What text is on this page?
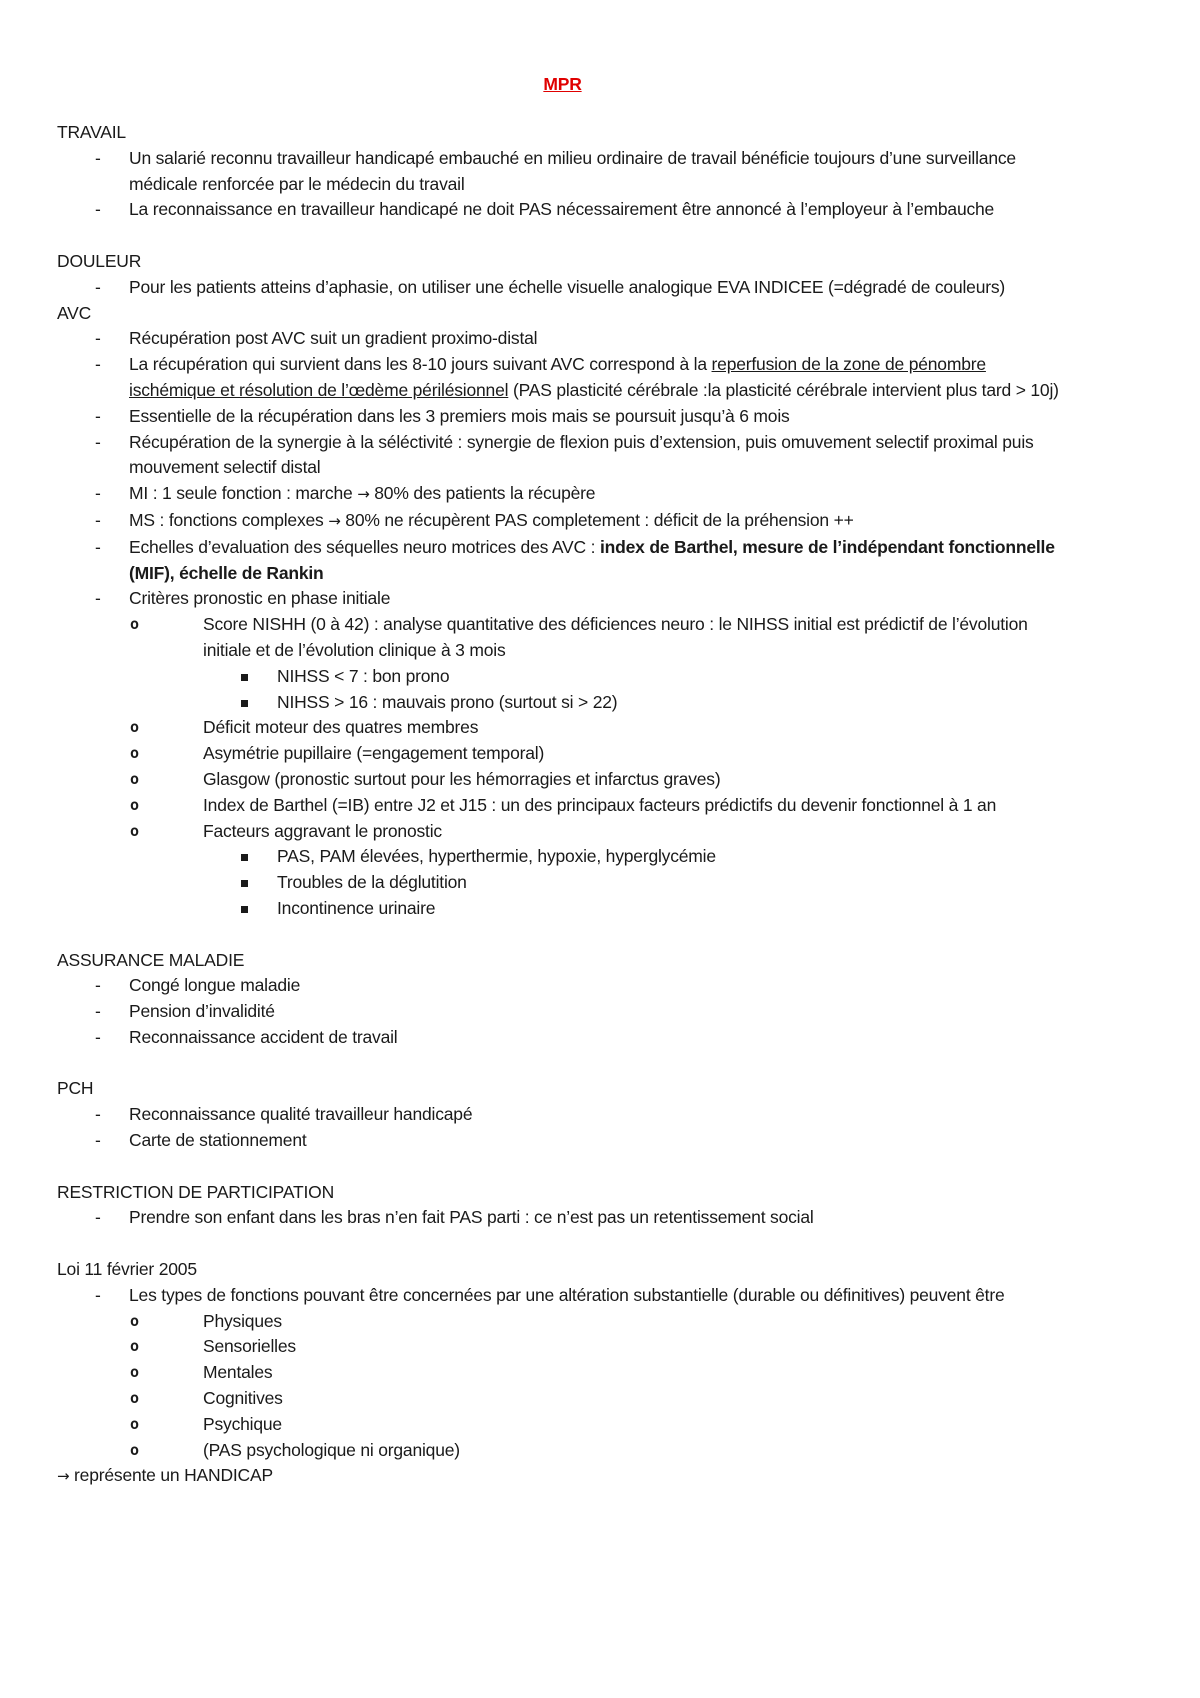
MPR
TRAVAIL
- Un salarié reconnu travailleur handicapé embauché en milieu ordinaire de travail bénéficie toujours d’une surveillance médicale renforcée par le médecin du travail
- La reconnaissance en travailleur handicapé ne doit PAS nécessairement être annoncé à l’employeur à l’embauche
DOULEUR
- Pour les patients atteins d’aphasie, on utiliser une échelle visuelle analogique EVA INDICEE (=dégradé de couleurs)
AVC
- Récupération post AVC suit un gradient proximo-distal
- La récupération qui survient dans les 8-10 jours suivant AVC correspond à la reperfusion de la zone de pénombre ischémique et résolution de l’œdème périlésionnel (PAS plasticité cérébrale :la plasticité cérébrale intervient plus tard > 10j)
- Essentielle de la récupération dans les 3 premiers mois mais se poursuit jusqu’à 6 mois
- Récupération de la synergie à la séléctivité : synergie de flexion puis d’extension, puis omuvement selectif proximal puis mouvement selectif distal
- MI : 1 seule fonction : marche → 80% des patients la récupère
- MS : fonctions complexes → 80% ne récupèrent PAS completement : déficit de la préhension ++
- Echelles d’evaluation des séquelles neuro motrices des AVC : index de Barthel, mesure de l’indépendant fonctionnelle (MIF), échelle de Rankin
- Critères pronostic en phase initiale
o	Score NISHH (0 à 42) : analyse quantitative des déficiences neuro : le NIHSS initial est prédictif de l’évolution initiale et de l’évolution clinique à 3 mois
NIHSS < 7 : bon prono
NIHSS > 16 : mauvais prono (surtout si > 22)
o	Déficit moteur des quatres membres
o	Asymétrie pupillaire (=engagement temporal)
o	Glasgow (pronostic surtout pour les hémorragies et infarctus graves)
o	Index de Barthel (=IB) entre J2 et J15 : un des principaux facteurs prédictifs du devenir fonctionnel à 1 an
o	Facteurs aggravant le pronostic
PAS, PAM élevées, hyperthermie, hypoxie, hyperglycémie
Troubles de la déglutition
Incontinence urinaire
ASSURANCE MALADIE
- Congé longue maladie
- Pension d’invalidité
- Reconnaissance accident de travail
PCH
- Reconnaissance qualité travailleur handicapé
- Carte de stationnement
RESTRICTION DE PARTICIPATION
- Prendre son enfant dans les bras n’en fait PAS parti : ce n’est pas un retentissement social
Loi 11 février 2005
- Les types de fonctions pouvant être concernées par une altération substantielle (durable ou définitives) peuvent être
o	Physiques
o	Sensorielles
o	Mentales
o	Cognitives
o	Psychique
o	(PAS psychologique ni organique)
→ représente un HANDICAP
